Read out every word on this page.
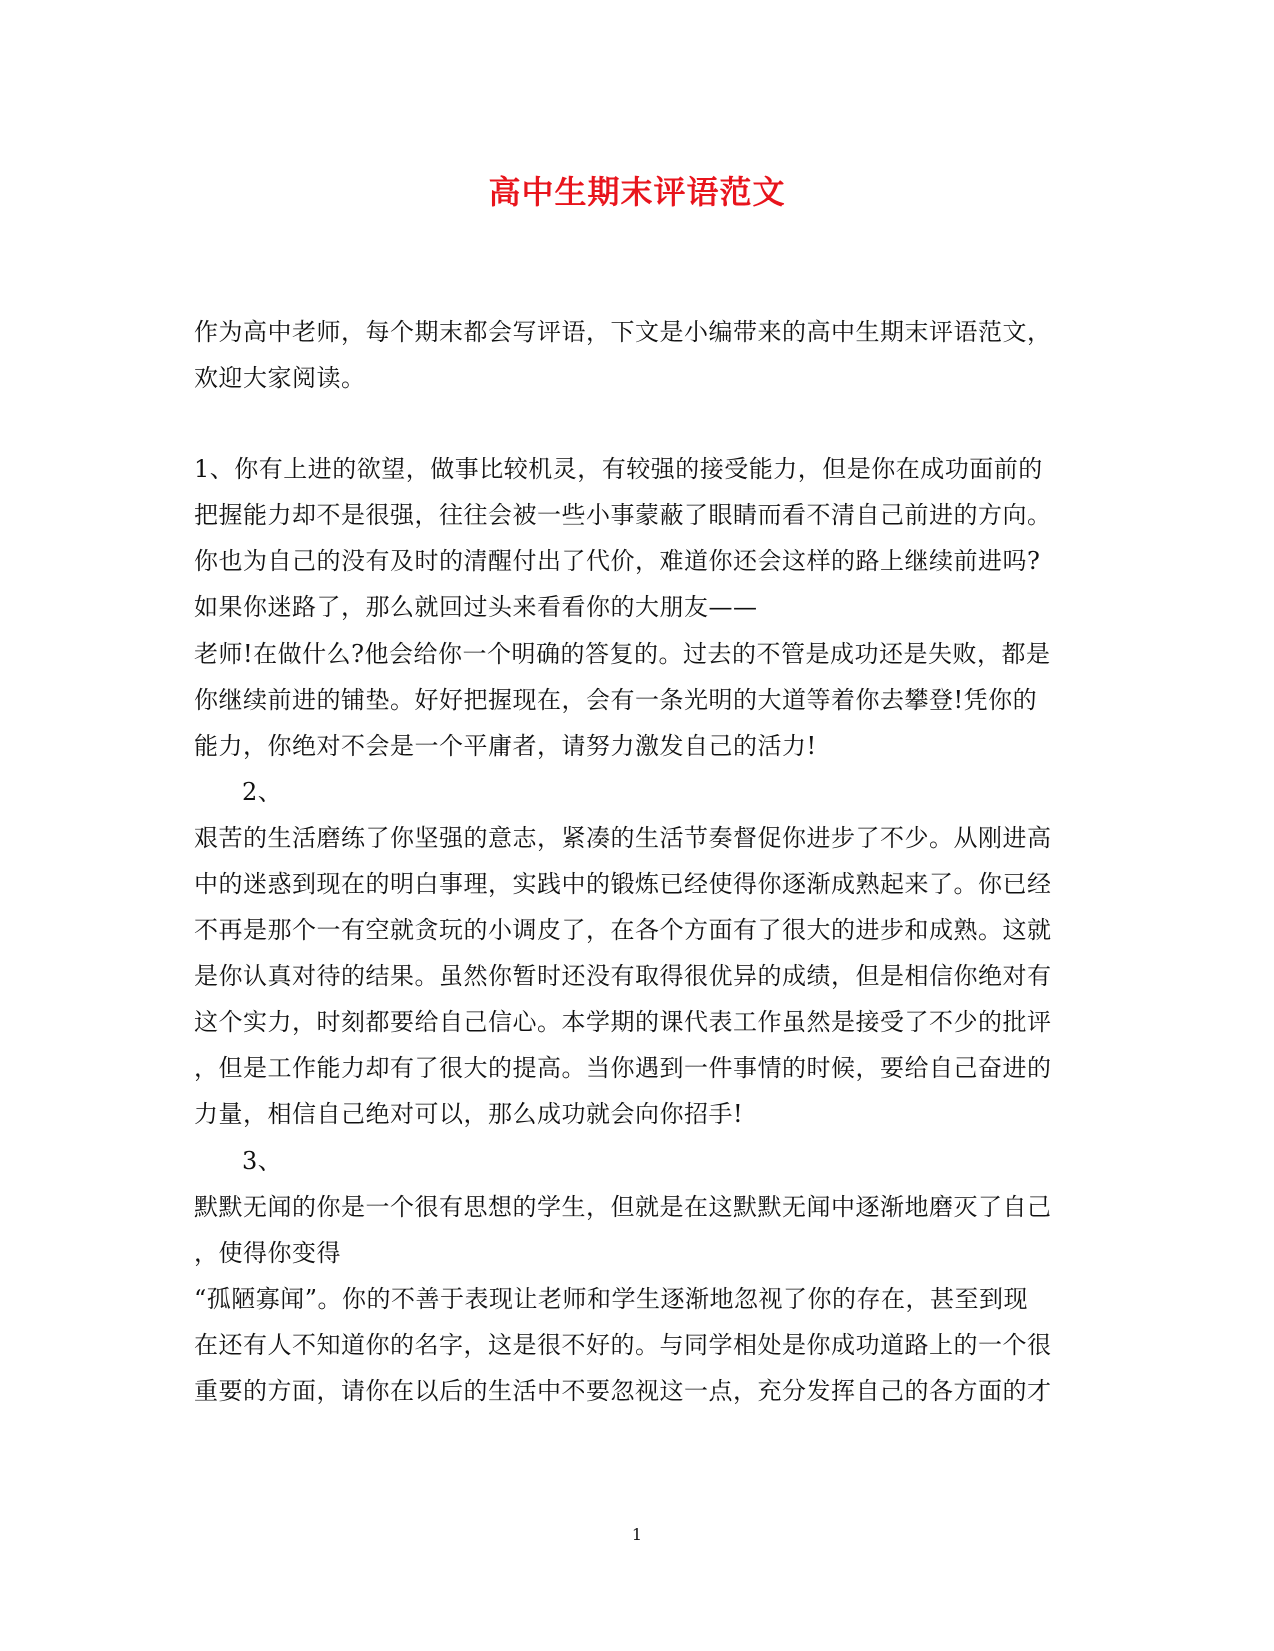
高中生期末评语范文
作为高中老师，每个期末都会写评语，下文是小编带来的高中生期末评语范文，
欢迎大家阅读。
1、你有上进的欲望，做事比较机灵，有较强的接受能力，但是你在成功面前的
把握能力却不是很强，往往会被一些小事蒙蔽了眼睛而看不清自己前进的方向。
你也为自己的没有及时的清醒付出了代价，难道你还会这样的路上继续前进吗?
如果你迷路了，那么就回过头来看看你的大朋友——
老师!在做什么?他会给你一个明确的答复的。过去的不管是成功还是失败，都是
你继续前进的铺垫。好好把握现在，会有一条光明的大道等着你去攀登!凭你的
能力，你绝对不会是一个平庸者，请努力激发自己的活力!
2、
艰苦的生活磨练了你坚强的意志，紧凑的生活节奏督促你进步了不少。从刚进高
中的迷惑到现在的明白事理，实践中的锻炼已经使得你逐渐成熟起来了。你已经
不再是那个一有空就贪玩的小调皮了，在各个方面有了很大的进步和成熟。这就
是你认真对待的结果。虽然你暂时还没有取得很优异的成绩，但是相信你绝对有
这个实力，时刻都要给自己信心。本学期的课代表工作虽然是接受了不少的批评
，但是工作能力却有了很大的提高。当你遇到一件事情的时候，要给自己奋进的
力量，相信自己绝对可以，那么成功就会向你招手!
3、
默默无闻的你是一个很有思想的学生，但就是在这默默无闻中逐渐地磨灭了自己
，使得你变得
“孤陋寡闻”。你的不善于表现让老师和学生逐渐地忽视了你的存在，甚至到现
在还有人不知道你的名字，这是很不好的。与同学相处是你成功道路上的一个很
重要的方面，请你在以后的生活中不要忽视这一点，充分发挥自己的各方面的才
1
